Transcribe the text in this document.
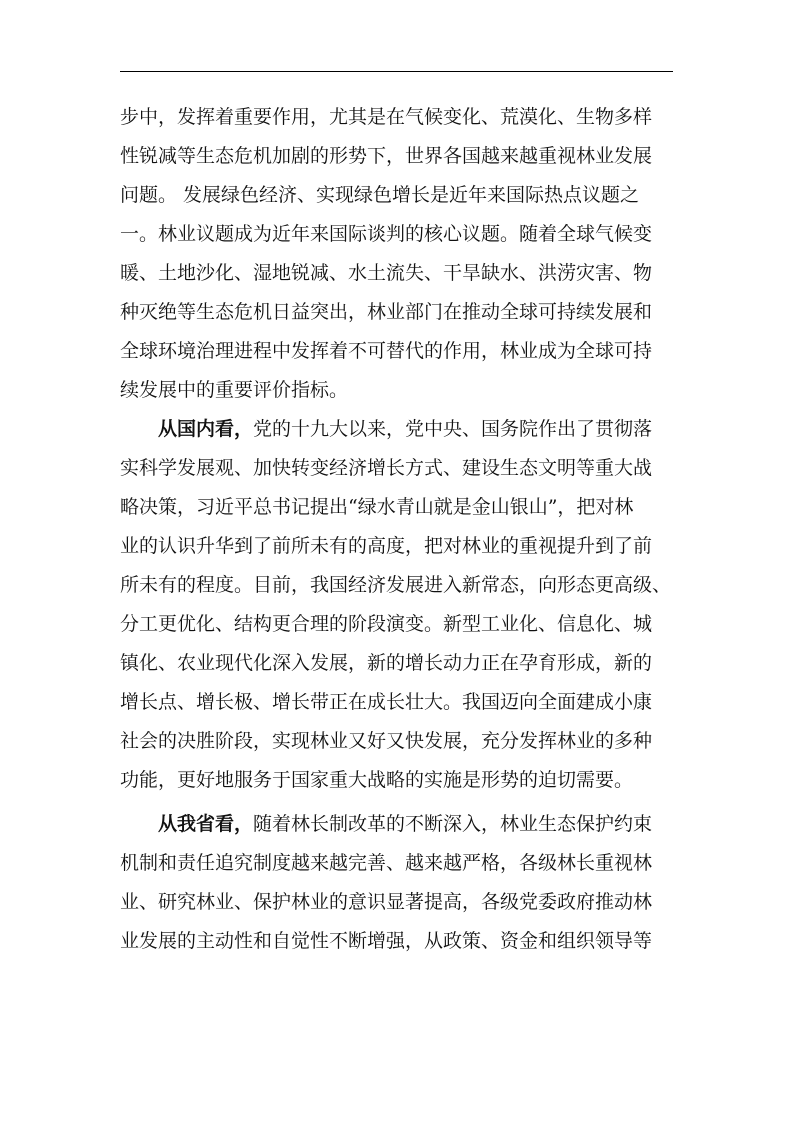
步中，发挥着重要作用，尤其是在气候变化、荒漠化、生物多样
性锐减等生态危机加剧的形势下，世界各国越来越重视林业发展
问题。 发展绿色经济、实现绿色增长是近年来国际热点议题之
一。林业议题成为近年来国际谈判的核心议题。随着全球气候变
暖、土地沙化、湿地锐减、水土流失、干旱缺水、洪涝灾害、物
种灭绝等生态危机日益突出，林业部门在推动全球可持续发展和
全球环境治理进程中发挥着不可替代的作用，林业成为全球可持
续发展中的重要评价指标。
从国内看，党的十九大以来，党中央、国务院作出了贯彻落
实科学发展观、加快转变经济增长方式、建设生态文明等重大战
略决策，习近平总书记提出“绿水青山就是金山银山”，把对林
业的认识升华到了前所未有的高度，把对林业的重视提升到了前
所未有的程度。目前，我国经济发展进入新常态，向形态更高级、
分工更优化、结构更合理的阶段演变。新型工业化、信息化、城
镇化、农业现代化深入发展，新的增长动力正在孕育形成，新的
增长点、增长极、增长带正在成长壮大。我国迈向全面建成小康
社会的决胜阶段，实现林业又好又快发展，充分发挥林业的多种
功能，更好地服务于国家重大战略的实施是形势的迫切需要。
从我省看，随着林长制改革的不断深入，林业生态保护约束
机制和责任追究制度越来越完善、越来越严格，各级林长重视林
业、研究林业、保护林业的意识显著提高，各级党委政府推动林
业发展的主动性和自觉性不断增强，从政策、资金和组织领导等
